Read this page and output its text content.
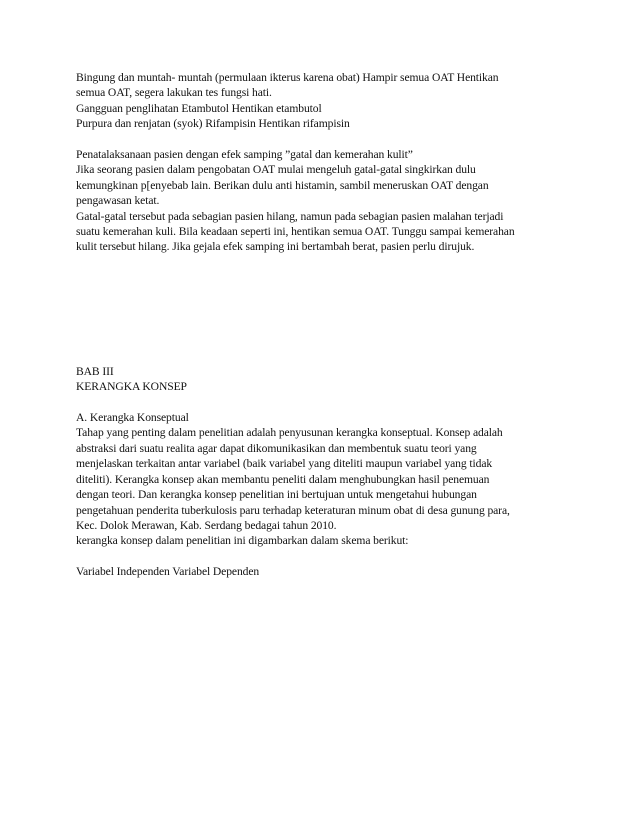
Bingung dan muntah- muntah (permulaan ikterus karena obat) Hampir semua OAT Hentikan
semua OAT, segera lakukan tes fungsi hati.
Gangguan penglihatan Etambutol Hentikan etambutol
Purpura dan renjatan (syok) Rifampisin Hentikan rifampisin
Penatalaksanaan pasien dengan efek samping ”gatal dan kemerahan kulit”
Jika seorang pasien dalam pengobatan OAT mulai mengeluh gatal-gatal singkirkan dulu
kemungkinan p[enyebab lain. Berikan dulu anti histamin, sambil meneruskan OAT dengan
pengawasan ketat.
Gatal-gatal tersebut pada sebagian pasien hilang, namun pada sebagian pasien malahan terjadi
suatu kemerahan kuli. Bila keadaan seperti ini, hentikan semua OAT. Tunggu sampai kemerahan
kulit tersebut hilang. Jika gejala efek samping ini bertambah berat, pasien perlu dirujuk.
BAB III
KERANGKA KONSEP
A. Kerangka Konseptual
Tahap yang penting dalam penelitian adalah penyusunan kerangka konseptual. Konsep adalah
abstraksi dari suatu realita agar dapat dikomunikasikan dan membentuk suatu teori yang
menjelaskan terkaitan antar variabel (baik variabel yang diteliti maupun variabel yang tidak
diteliti). Kerangka konsep akan membantu peneliti dalam menghubungkan hasil penemuan
dengan teori. Dan kerangka konsep penelitian ini bertujuan untuk mengetahui hubungan
pengetahuan penderita tuberkulosis paru terhadap keteraturan minum obat di desa gunung para,
Kec. Dolok Merawan, Kab. Serdang bedagai tahun 2010.
kerangka konsep dalam penelitian ini digambarkan dalam skema berikut:
Variabel Independen Variabel Dependen
